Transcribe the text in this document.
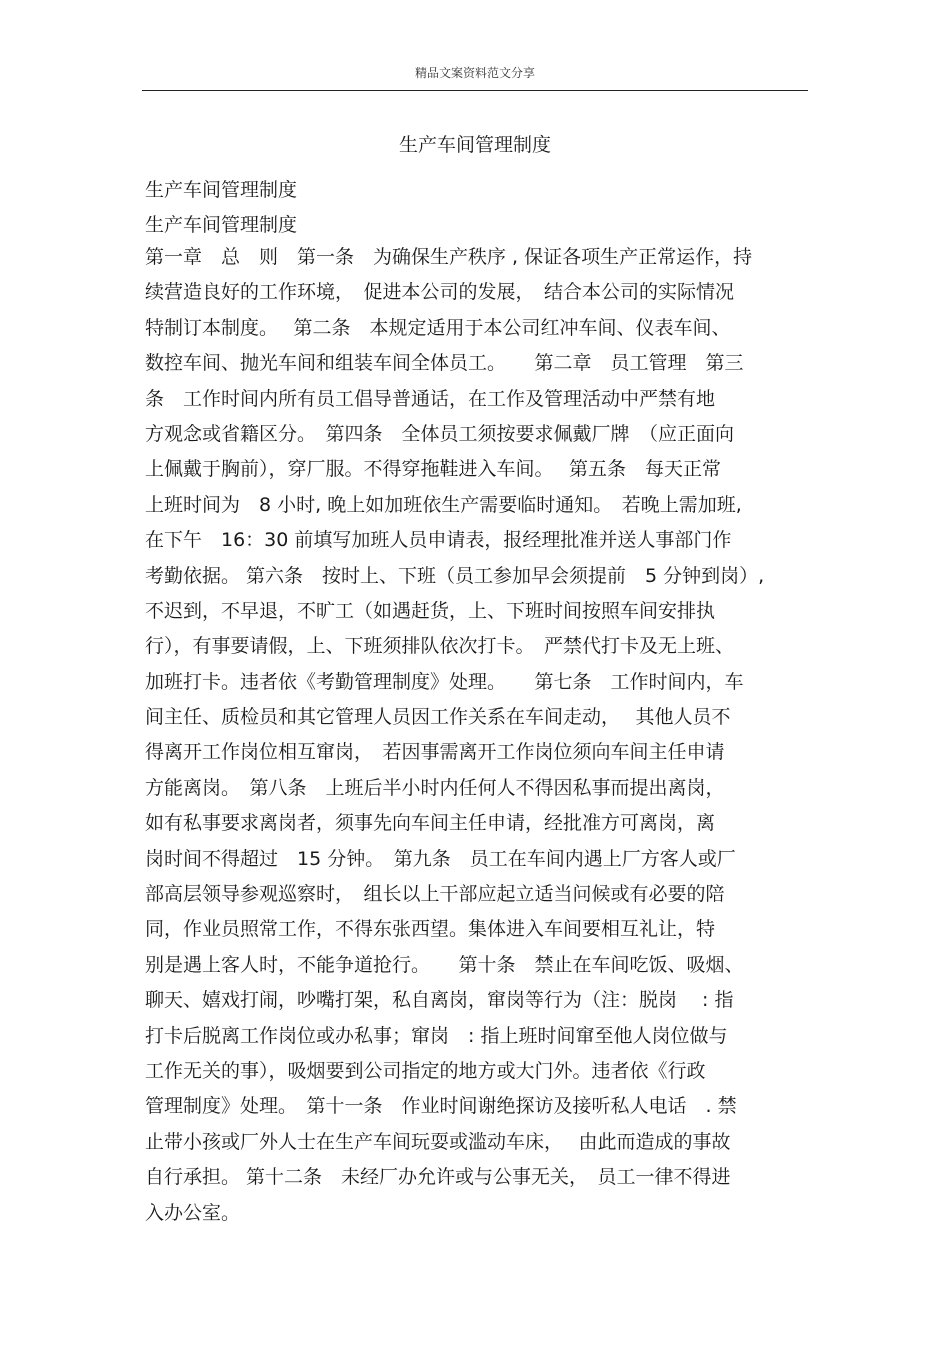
精品文案资料范文分享
生产车间管理制度
生产车间管理制度
生产车间管理制度
第一章　总　则　第一条　为确保生产秩序 , 保证各项生产正常运作，持
续营造良好的工作环境，　促进本公司的发展，　结合本公司的实际情况
特制订本制度。　 第二条　本规定适用于本公司红冲车间、仪表车间、
数控车间、抛光车间和组装车间全体员工。　　第二章　员工管理　第三
条　工作时间内所有员工倡导普通话，在工作及管理活动中严禁有地
方观念或省籍区分。　第四条　全体员工须按要求佩戴厂牌　（应正面向
上佩戴于胸前），穿厂服。不得穿拖鞋进入车间。　 第五条　每天正常
上班时间为　8 小时, 晚上如加班依生产需要临时通知。　若晚上需加班,
在下午　16：30 前填写加班人员申请表，报经理批准并送人事部门作
考勤依据。 第六条　按时上、下班（员工参加早会须提前　5 分钟到岗）,
不迟到，不早退，不旷工（如遇赶货，上、下班时间按照车间安排执
行），有事要请假，上、下班须排队依次打卡。　严禁代打卡及无上班、
加班打卡。违者依《考勤管理制度》处理。　　第七条　工作时间内，车
间主任、质检员和其它管理人员因工作关系在车间走动，　 其他人员不
得离开工作岗位相互窜岗，　若因事需离开工作岗位须向车间主任申请
方能离岗。　第八条　上班后半小时内任何人不得因私事而提出离岗，
如有私事要求离岗者，须事先向车间主任申请，经批准方可离岗，离
岗时间不得超过　15 分钟。　第九条　员工在车间内遇上厂方客人或厂
部高层领导参观巡察时，　组长以上干部应起立适当问候或有必要的陪
同，作业员照常工作，不得东张西望。集体进入车间要相互礼让，特
别是遇上客人时，不能争道抢行。　　第十条　禁止在车间吃饭、吸烟、
聊天、嬉戏打闹，吵嘴打架，私自离岗，窜岗等行为（注：脱岗　 : 指
打卡后脱离工作岗位或办私事；窜岗　: 指上班时间窜至他人岗位做与
工作无关的事），吸烟要到公司指定的地方或大门外。违者依《行政
管理制度》处理。　第十一条　作业时间谢绝探访及接听私人电话　. 禁
止带小孩或厂外人士在生产车间玩耍或滥动车床，　 由此而造成的事故
自行承担。 第十二条　未经厂办允许或与公事无关，　员工一律不得进
入办公室。
